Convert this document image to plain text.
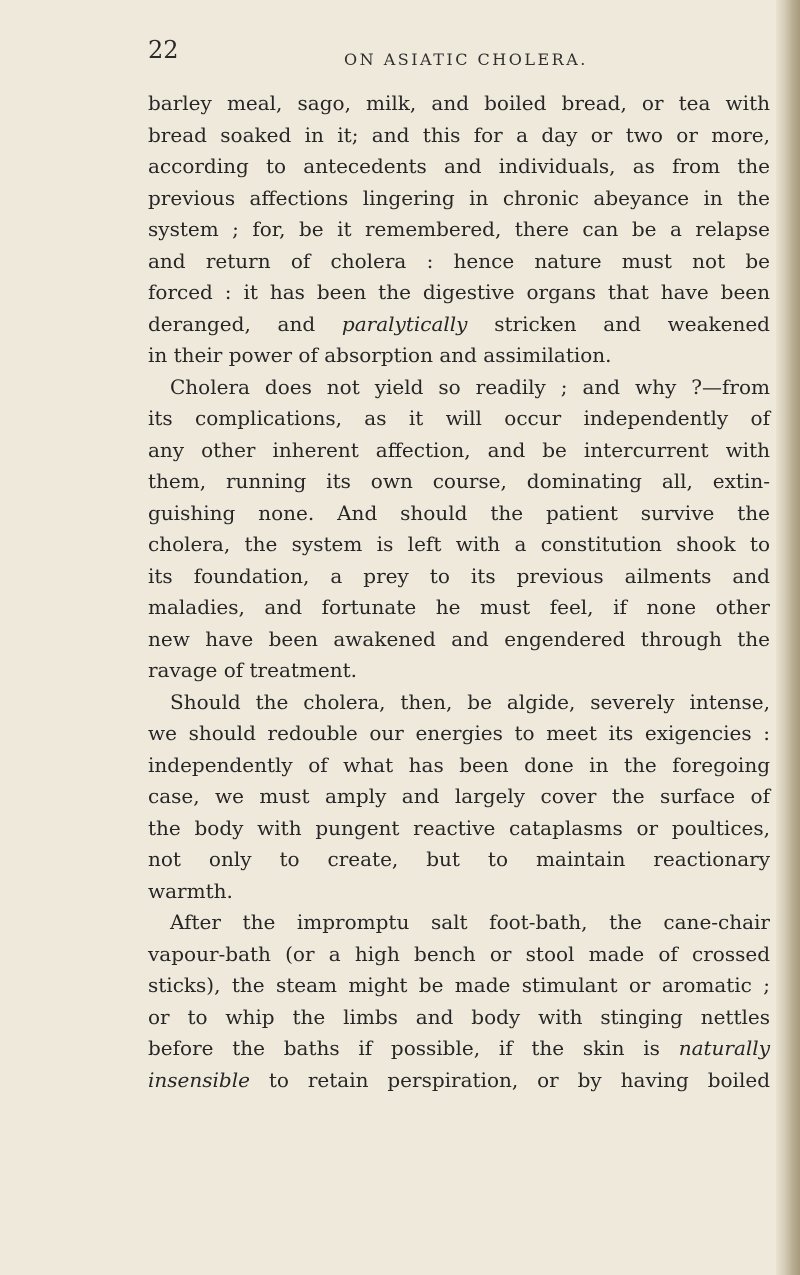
22	ON ASIATIC CHOLERA.
barley meal, sago, milk, and boiled bread, or tea with
bread soaked in it; and this for a day or two or more,
according to antecedents and individuals, as from the
previous affections lingering in chronic abeyance in the
system ; for, be it remembered, there can be a relapse
and return of cholera : hence nature must not be
forced : it has been the digestive organs that have been
deranged, and paralytically stricken and weakened
in their power of absorption and assimilation.
Cholera does not yield so readily ; and why ?—from
its complications, as it will occur independently of
any other inherent affection, and be intercurrent with
them, running its own course, dominating all, extin-
guishing none. And should the patient survive the
cholera, the system is left with a constitution shook to
its foundation, a prey to its previous ailments and
maladies, and fortunate he must feel, if none other
new have been awakened and engendered through the
ravage of treatment.
Should the cholera, then, be algide, severely intense,
we should redouble our energies to meet its exigencies :
independently of what has been done in the foregoing
case, we must amply and largely cover the surface of
the body with pungent reactive cataplasms or poultices,
not only to create, but to maintain reactionary
warmth.
After the impromptu salt foot-bath, the cane-chair
vapour-bath (or a high bench or stool made of crossed
sticks), the steam might be made stimulant or aromatic ;
or to whip the limbs and body with stinging nettles
before the baths if possible, if the skin is naturally
insensible to retain perspiration, or by having boiled
